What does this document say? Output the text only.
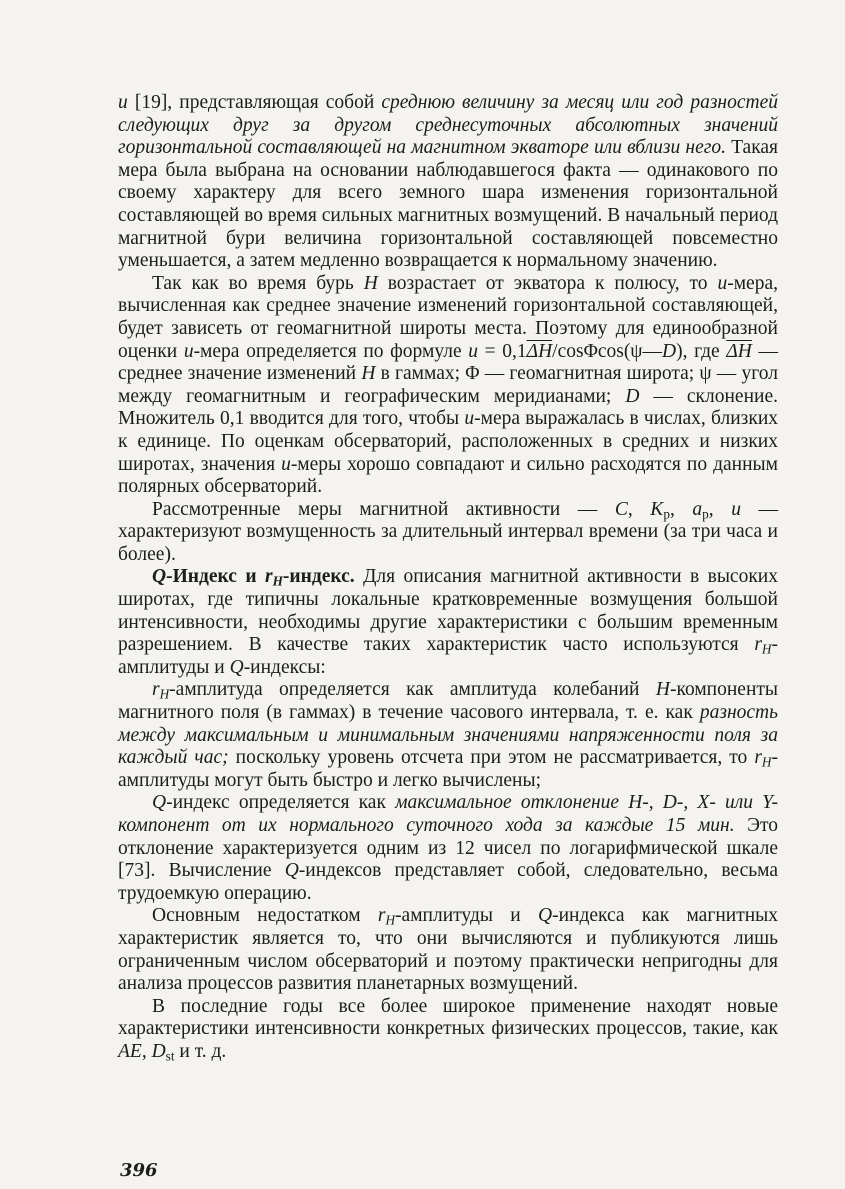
u [19], представляющая собой среднюю величину за месяц или год разностей следующих друг за другом среднесуточных абсолютных значений горизонтальной составляющей на магнитном экваторе или вблизи него. Такая мера была выбрана на основании наблюдавшегося факта — одинакового по своему характеру для всего земного шара изменения горизонтальной составляющей во время сильных магнитных возмущений. В начальный период магнитной бури величина горизонтальной составляющей повсеместно уменьшается, а затем медленно возвращается к нормальному значению.

Так как во время бурь H возрастает от экватора к полюсу, то u-мера, вычисленная как среднее значение изменений горизонтальной составляющей, будет зависеть от геомагнитной широты места. Поэтому для единообразной оценки u-мера определяется по формуле $u = 0,1\overline{\Delta H}/\cos\Phi\cos(\psi—D)$, где $\overline{\Delta H}$ — среднее значение изменений H в гаммах; Φ — геомагнитная широта; ψ — угол между геомагнитным и географическим меридианами; D — склонение. Множитель 0,1 вводится для того, чтобы u-мера выражалась в числах, близких к единице. По оценкам обсерваторий, расположенных в средних и низких широтах, значения u-меры хорошо совпадают и сильно расходятся по данным полярных обсерваторий.

Рассмотренные меры магнитной активности — C, $K_p$, $a_p$, u — характеризуют возмущенность за длительный интервал времени (за три часа и более).

Q-Индекс и $r_H$-индекс. Для описания магнитной активности в высоких широтах, где типичны локальные кратковременные возмущения большой интенсивности, необходимы другие характеристики с большим временным разрешением. В качестве таких характеристик часто используются $r_H$-амплитуды и Q-индексы:

$r_H$-амплитуда определяется как амплитуда колебаний H-компоненты магнитного поля (в гаммах) в течение часового интервала, т. е. как разность между максимальным и минимальным значениями напряженности поля за каждый час; поскольку уровень отсчета при этом не рассматривается, то $r_H$-амплитуды могут быть быстро и легко вычислены;

Q-индекс определяется как максимальное отклонение H-, D-, X- или Y-компонент от их нормального суточного хода за каждые 15 мин. Это отклонение характеризуется одним из 12 чисел по логарифмической шкале [73]. Вычисление Q-индексов представляет собой, следовательно, весьма трудоемкую операцию.

Основным недостатком $r_H$-амплитуды и Q-индекса как магнитных характеристик является то, что они вычисляются и публикуются лишь ограниченным числом обсерваторий и поэтому практически непригодны для анализа процессов развития планетарных возмущений.

В последние годы все более широкое применение находят новые характеристики интенсивности конкретных физических процессов, такие, как AE, $D_{st}$ и т. д.

396
